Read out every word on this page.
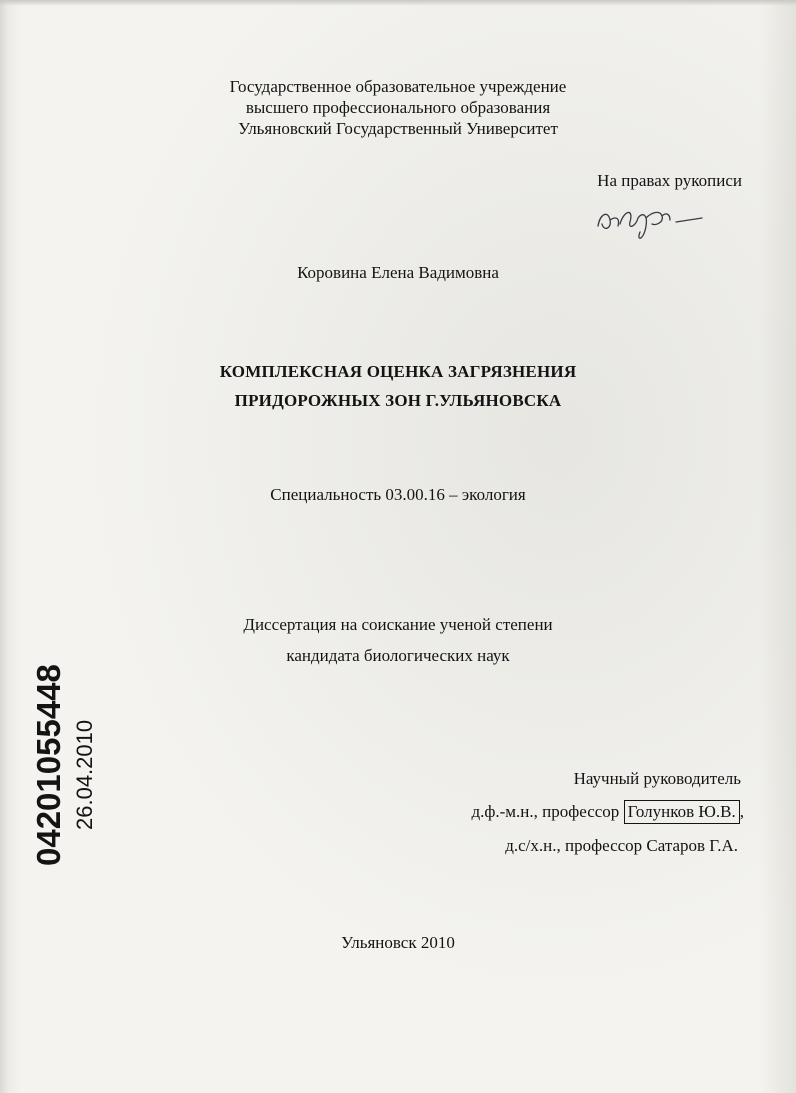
Государственное образовательное учреждение
высшего профессионального образования
Ульяновский Государственный Университет
На правах рукописи
Коровина Елена Вадимовна
КОМПЛЕКСНАЯ ОЦЕНКА ЗАГРЯЗНЕНИЯ
ПРИДОРОЖНЫХ ЗОН Г.УЛЬЯНОВСКА
Специальность 03.00.16 – экология
Диссертация на соискание ученой степени
кандидата биологических наук
Научный руководитель
д.ф.-м.н., профессор Голунков Ю.В. ,
д.с/х.н., профессор Сатаров Г.А.
Ульяновск 2010
04201055448 26.04.2010
